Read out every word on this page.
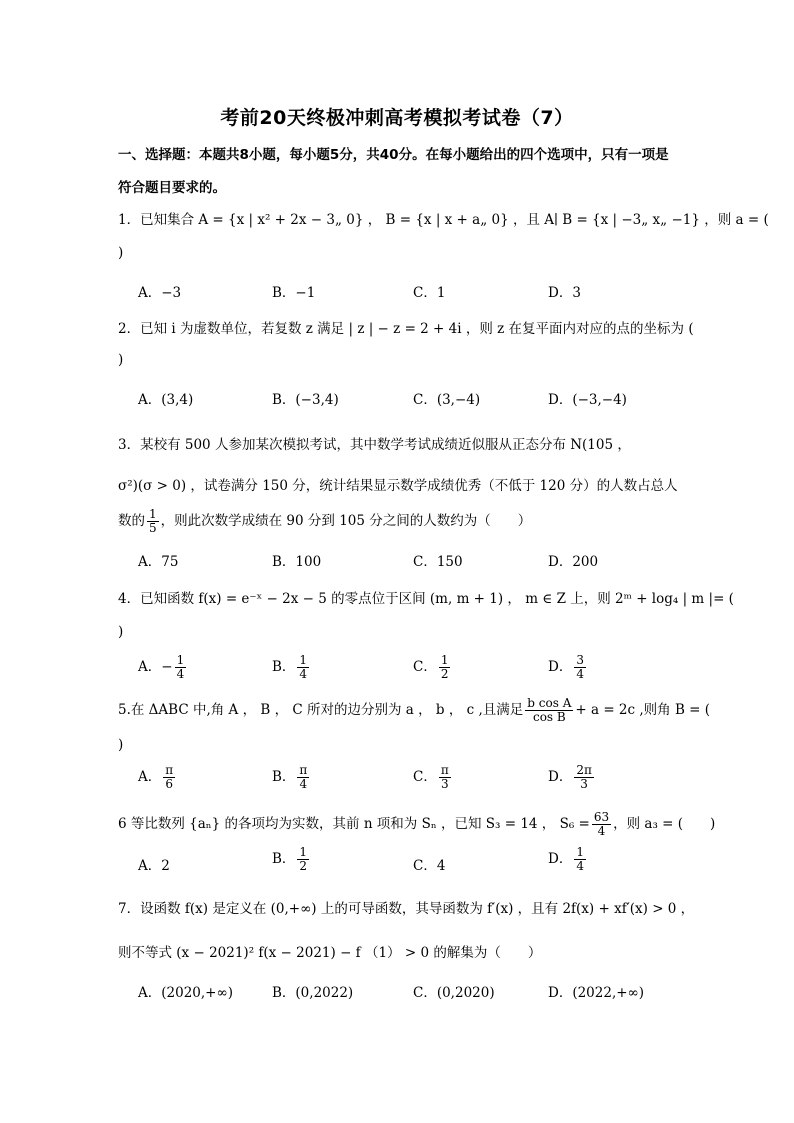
考前20天终极冲刺高考模拟考试卷（7）
一、选择题：本题共8小题，每小题5分，共40分。在每小题给出的四个选项中，只有一项是符合题目要求的。
1．已知集合 A = {x | x² + 2x − 3„ 0} ， B = {x | x + a„ 0} ，且 A∣ B = {x | −3„ x„ −1} ，则 a = (
)
A．−3	B．−1	C．1	D．3
2．已知 i 为虚数单位，若复数 z 满足 | z | − z = 2 + 4i ，则 z 在复平面内对应的点的坐标为 (
)
A．(3,4)	B．(−3,4)	C．(3,−4)	D．(−3,−4)
3．某校有 500 人参加某次模拟考试，其中数学考试成绩近似服从正态分布 N(105 ，
σ²)(σ > 0) ，试卷满分 150 分，统计结果显示数学成绩优秀（不低于 120 分）的人数占总人
数的 $\frac{1}{5}$ ，则此次数学成绩在 90 分到 105 分之间的人数约为（　　）
A．75	B．100	C．150	D．200
4．已知函数 f(x) = e⁻ˣ − 2x − 5 的零点位于区间 (m, m + 1) ， m ∈ Z 上，则 2ᵐ + log₄ | m |= (
)
A．− $\frac{1}{4}$	B． $\frac{1}{4}$	C． $\frac{1}{2}$	D． $\frac{3}{4}$
5.在 ΔABC 中,角 A ， B ， C 所对的边分别为 a ， b ， c ,且满足 $\frac{\text{b cos A}}{\text{cos B}} + a = 2c$ ,则角 B = (
)
A． $\frac{\pi}{6}$	B． $\frac{\pi}{4}$	C． $\frac{\pi}{3}$	D． $\frac{2\pi}{3}$
6 等比数列 {aₙ} 的各项均为实数，其前 n 项和为 Sₙ ，已知 S₃ = 14 ， $S_6 = \frac{63}{4}$ ，则 a₃ = (　　)
A．2	B． $\frac{1}{2}$	C．4	D． $\frac{1}{4}$
7．设函数 f(x) 是定义在 (0,+∞) 上的可导函数，其导函数为 f′(x) ，且有 2f(x) + xf′(x) > 0 ，
则不等式 (x − 2021)² f(x − 2021) − f （1） > 0 的解集为（　　）
A．(2020,+∞)	B．(0,2022)	C．(0,2020)	D．(2022,+∞)
